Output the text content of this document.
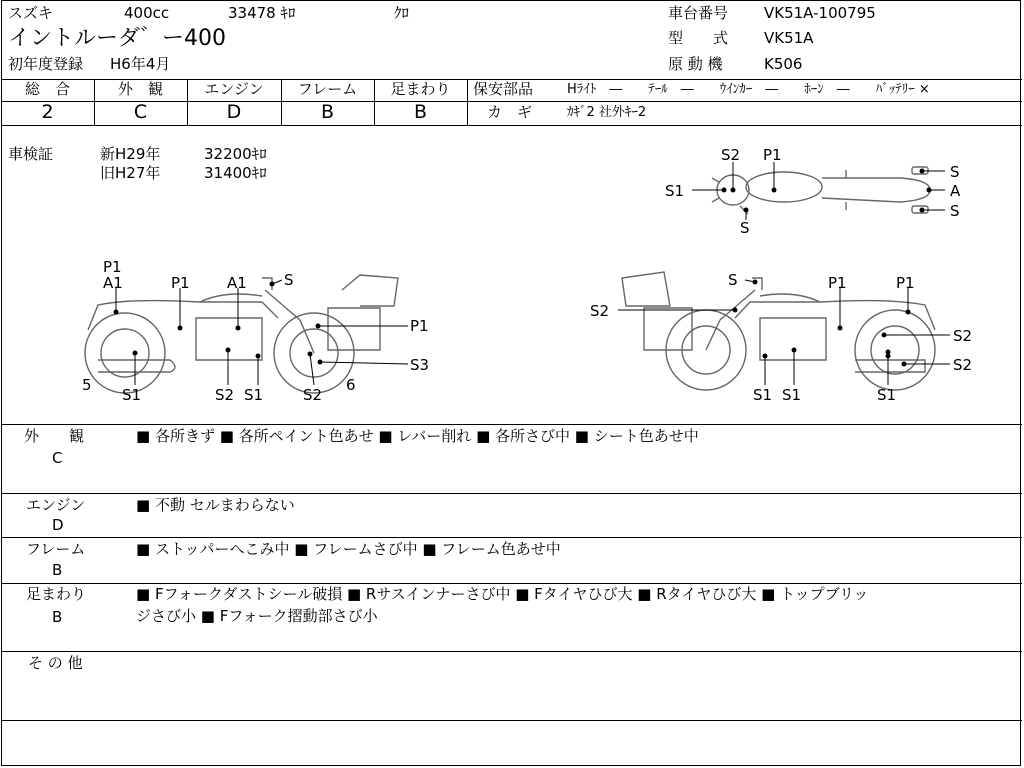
スズキ	400cc	33478 ｷﾛ	ｸﾛ
イントルーダ゛ー400
初年度登録 H6年4月
車台番号 VK51A-100795
型　　式 VK51A
原 動 機	K506
総　合	外　観	エンジン	フレーム	足まわり
2	C	D	B	B
保安部品	Hﾗｲﾄ　―　　ﾃｰﾙ　―　　ｳｲﾝｶｰ　―　　ﾎｰﾝ　―　　ﾊﾞｯﾃﾘｰ ×
カ　ギ	ｶｷﾞ2 社外ｷｰ2
車検証	新H29年	32200ｷﾛ
旧H27年	31400ｷﾛ
S2 P1
S1
S
A
S
S
P1
A1	P1 A1 S
P1
S3
5
S1	S2 S1	S2
6
S	P1	P1
S2
S2
S2
S1 S1	S1
外　　観
C
■ 各所きず ■ 各所ペイント色あせ ■ レバー削れ ■ 各所さび中 ■ シート色あせ中
エンジン
D
■ 不動 セルまわらない
フレーム
B
■ ストッパーへこみ中 ■ フレームさび中 ■ フレーム色あせ中
足まわり
B
■ Fフォークダストシール破損 ■ Rサスインナーさび中 ■ Fタイヤひび大 ■ Rタイヤひび大 ■ トップブリッ
ジさび小 ■ Fフォーク摺動部さび小
そ の 他
